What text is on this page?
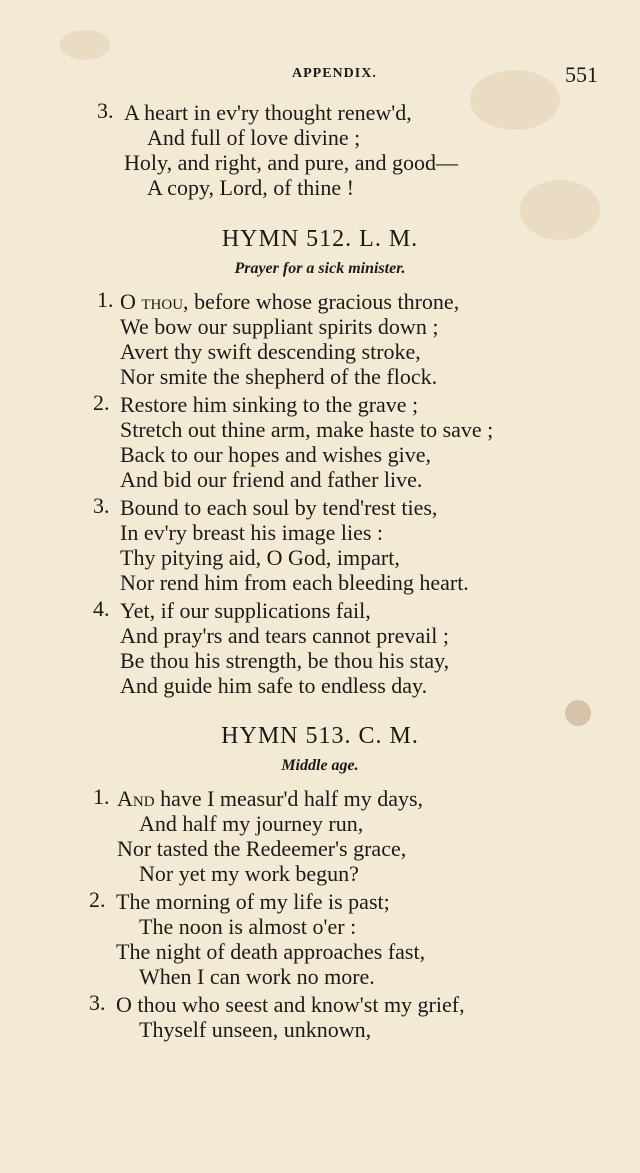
APPENDIX.	551
3. A heart in ev'ry thought renew'd,
And full of love divine ;
Holy, and right, and pure, and good—
A copy, Lord, of thine !
HYMN 512. L. M.
Prayer for a sick minister.
1. O thou, before whose gracious throne,
We bow our suppliant spirits down ;
Avert thy swift descending stroke,
Nor smite the shepherd of the flock.
2. Restore him sinking to the grave ;
Stretch out thine arm, make haste to save ;
Back to our hopes and wishes give,
And bid our friend and father live.
3. Bound to each soul by tend'rest ties,
In ev'ry breast his image lies :
Thy pitying aid, O God, impart,
Nor rend him from each bleeding heart.
4. Yet, if our supplications fail,
And pray'rs and tears cannot prevail ;
Be thou his strength, be thou his stay,
And guide him safe to endless day.
HYMN 513. C. M.
Middle age.
1. And have I measur'd half my days,
And half my journey run,
Nor tasted the Redeemer's grace,
Nor yet my work begun?
2. The morning of my life is past;
The noon is almost o'er :
The night of death approaches fast,
When I can work no more.
3. O thou who seest and know'st my grief,
Thyself unseen, unknown,
